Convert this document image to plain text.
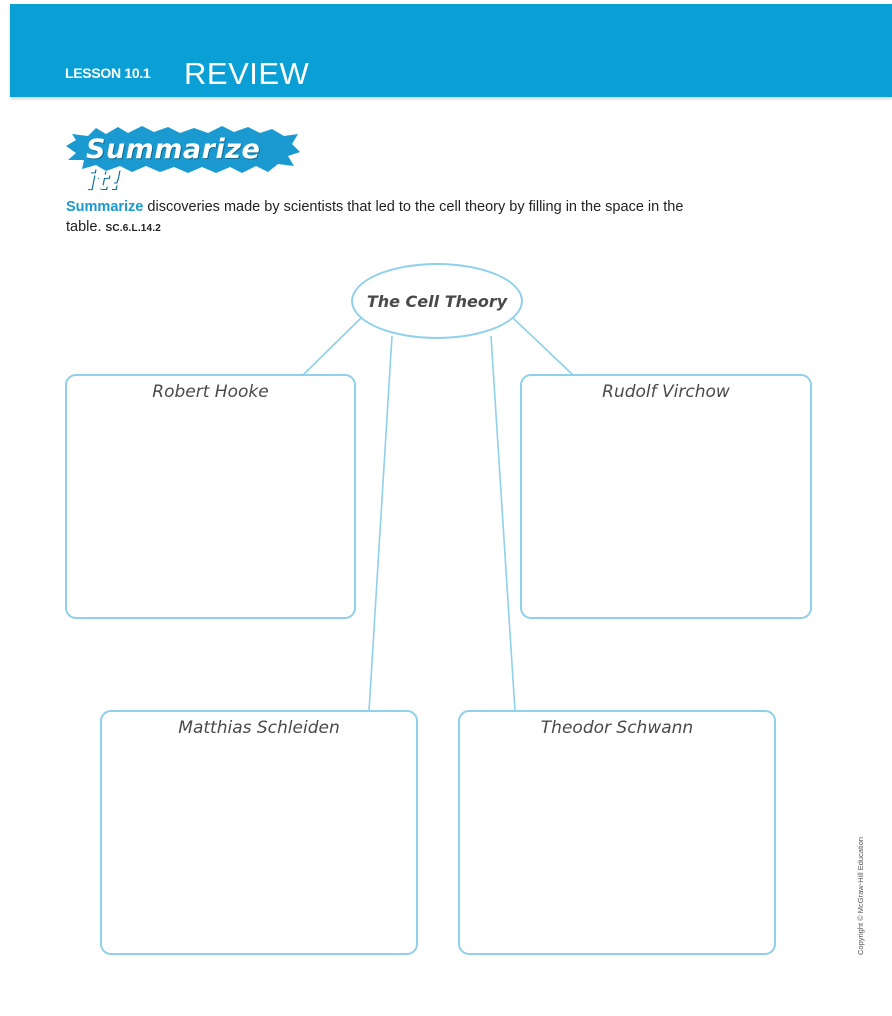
LESSON 10.1 REVIEW
Summarize it!
Summarize discoveries made by scientists that led to the cell theory by filling in the space in the table. SC.6.L.14.2
The Cell Theory
Robert Hooke	Rudolf Virchow
Matthias Schleiden	Theodor Schwann
Copyright © McGraw-Hill Education
